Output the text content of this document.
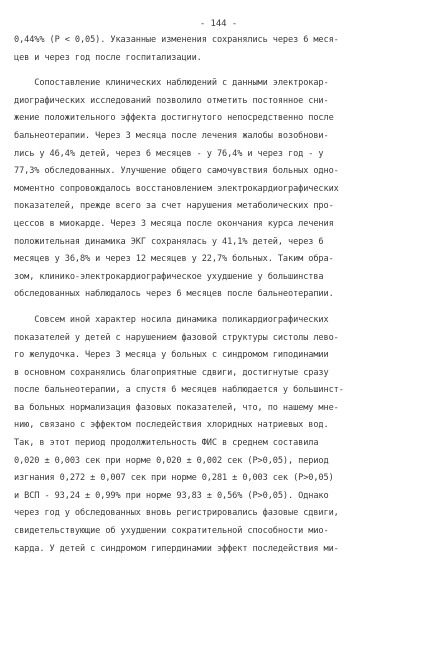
- 144 -
0,44%% (P < 0,05). Указанные изменения сохранялись через 6 меся-
цев и через год после госпитализации.
Сопоставление клинических наблюдений с данными электрокар-
диографических исследований позволило отметить постоянное сни-
жение положительного эффекта достигнутого непосредственно после
бальнеотерапии. Через 3 месяца после лечения жалобы возобнови-
лись у 46,4% детей, через 6 месяцев - у 76,4% и через год - у
77,3% обследованных. Улучшение общего самочувствия больных одно-
моментно сопровождалось восстановлением электрокардиографических
показателей, прежде всего за счет нарушения метаболических про-
цессов в миокарде. Через 3 месяца после окончания курса лечения
положительная динамика ЭКГ сохранялась у 41,1% детей, через 6
месяцев у 36,8% и через 12 месяцев у 22,7% больных. Таким обра-
зом, клинико-электрокардиографическое ухудшение у большинства
обследованных наблюдалось через 6 месяцев после бальнеотерапии.
Совсем иной характер носила динамика поликардиографических
показателей у детей с нарушением фазовой структуры систолы лево-
го желудочка. Через 3 месяца у больных с синдромом гиподинамии
в основном сохранялись благоприятные сдвиги, достигнутые сразу
после бальнеотерапии, а спустя 6 месяцев наблюдается у большинст-
ва больных нормализация фазовых показателей, что, по нашему мне-
нию, связано с эффектом последействия хлоридных натриевых вод.
Так, в этот период продолжительность ФИС в среднем составила
0,020 ± 0,003 сек при норме 0,020 ± 0,002 сек (P>0,05), период
изгнания 0,272 ± 0,007 сек при норме 0,281 ± 0,003 сек (P>0,05)
и ВСП - 93,24 ± 0,99% при норме 93,83 ± 0,56% (P>0,05). Однако
через год у обследованных вновь регистрировались фазовые сдвиги,
свидетельствующие об ухудшении сократительной способности мио-
карда. У детей с синдромом гипердинамии эффект последействия ми-
